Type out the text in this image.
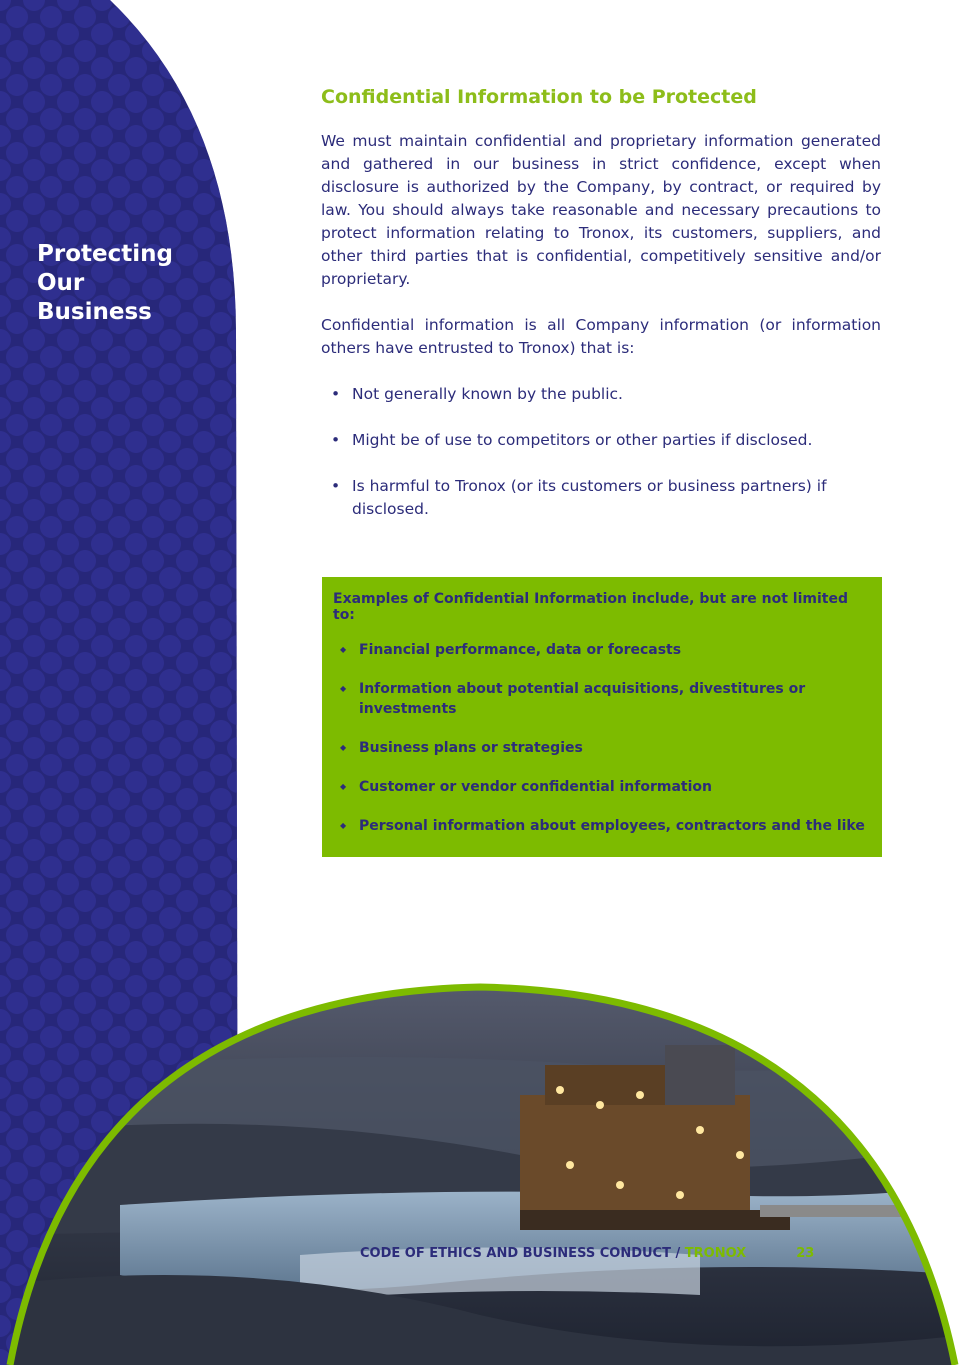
Protecting
Our
Business
Confidential Information to be Protected

We must maintain confidential and proprietary information generated and gathered in our business in strict confidence, except when disclosure is authorized by the Company, by contract, or required by law. You should always take reasonable and necessary precautions to protect information relating to Tronox, its customers, suppliers, and other third parties that is confidential, competitively sensitive and/or proprietary.

Confidential information is all Company information (or information others have entrusted to Tronox) that is:

• Not generally known by the public.
• Might be of use to competitors or other parties if disclosed.
• Is harmful to Tronox (or its customers or business partners) if disclosed.

Examples of Confidential Information include, but are not limited to:

◆ Financial performance, data or forecasts
◆ Information about potential acquisitions, divestitures or investments
◆ Business plans or strategies
◆ Customer or vendor confidential information
◆ Personal information about employees, contractors and the like
CODE OF ETHICS AND BUSINESS CONDUCT / TRONOX	23
